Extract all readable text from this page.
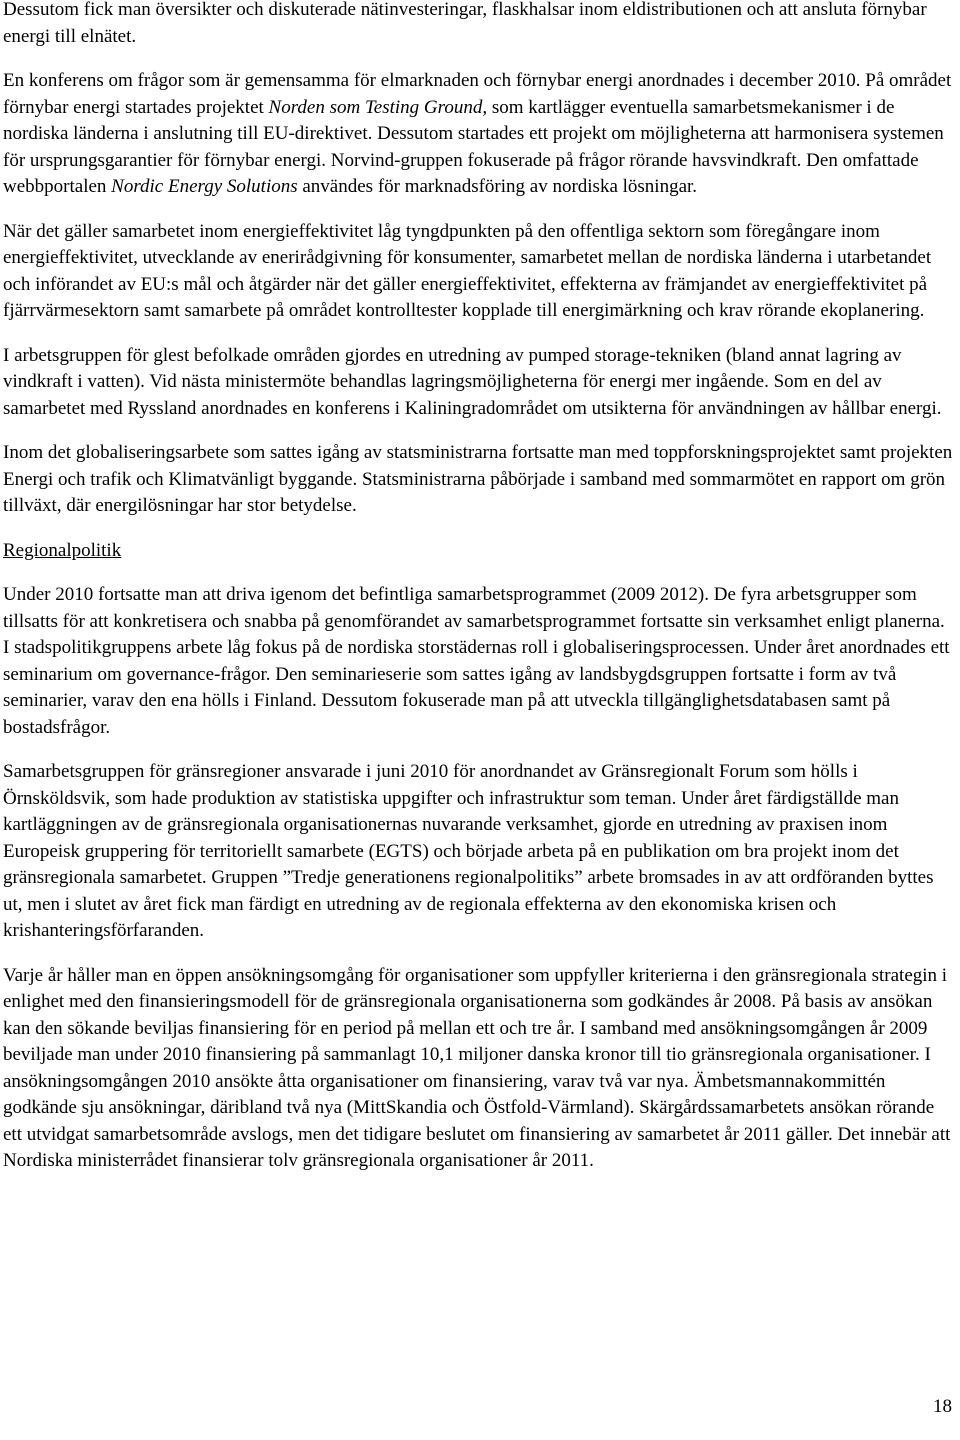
Dessutom fick man översikter och diskuterade nätinvesteringar, flaskhalsar inom eldistributionen och att ansluta förnybar energi till elnätet.

En konferens om frågor som är gemensamma för elmarknaden och förnybar energi anordnades i december 2010. På området förnybar energi startades projektet Norden som Testing Ground, som kartlägger eventuella samarbetsmekanismer i de nordiska länderna i anslutning till EU-direktivet. Dessutom startades ett projekt om möjligheterna att harmonisera systemen för ursprungsgarantier för förnybar energi. Norvind-gruppen fokuserade på frågor rörande havsvindkraft. Den omfattade webbportalen Nordic Energy Solutions användes för marknadsföring av nordiska lösningar.

När det gäller samarbetet inom energieffektivitet låg tyngdpunkten på den offentliga sektorn som föregångare inom energieffektivitet, utvecklande av enerirådgivning för konsumenter, samarbetet mellan de nordiska länderna i utarbetandet och införandet av EU:s mål och åtgärder när det gäller energieffektivitet, effekterna av främjandet av energieffektivitet på fjärrvärmesektorn samt samarbete på området kontrolltester kopplade till energimärkning och krav rörande ekoplanering.

I arbetsgruppen för glest befolkade områden gjordes en utredning av pumped storage-tekniken (bland annat lagring av vindkraft i vatten). Vid nästa ministermöte behandlas lagringsmöjligheterna för energi mer ingående. Som en del av samarbetet med Ryssland anordnades en konferens i Kaliningradområdet om utsikterna för användningen av hållbar energi.

Inom det globaliseringsarbete som sattes igång av statsministrarna fortsatte man med toppforskningsprojektet samt projekten Energi och trafik och Klimatvänligt byggande. Statsministrarna påbörjade i samband med sommarmötet en rapport om grön tillväxt, där energilösningar har stor betydelse.

Regionalpolitik

Under 2010 fortsatte man att driva igenom det befintliga samarbetsprogrammet (2009 2012). De fyra arbetsgrupper som tillsatts för att konkretisera och snabba på genomförandet av samarbetsprogrammet fortsatte sin verksamhet enligt planerna. I stadspolitikgruppens arbete låg fokus på de nordiska storstädernas roll i globaliseringsprocessen. Under året anordnades ett seminarium om governance-frågor. Den seminarieserie som sattes igång av landsbygdsgruppen fortsatte i form av två seminarier, varav den ena hölls i Finland. Dessutom fokuserade man på att utveckla tillgänglighetsdatabasen samt på bostadsfrågor.

Samarbetsgruppen för gränsregioner ansvarade i juni 2010 för anordnandet av Gränsregionalt Forum som hölls i Örnsköldsvik, som hade produktion av statistiska uppgifter och infrastruktur som teman. Under året färdigställde man kartläggningen av de gränsregionala organisationernas nuvarande verksamhet, gjorde en utredning av praxisen inom Europeisk gruppering för territoriellt samarbete (EGTS) och började arbeta på en publikation om bra projekt inom det gränsregionala samarbetet. Gruppen ”Tredje generationens regionalpolitiks” arbete bromsades in av att ordföranden byttes ut, men i slutet av året fick man färdigt en utredning av de regionala effekterna av den ekonomiska krisen och krishanteringsförfaranden.

Varje år håller man en öppen ansökningsomgång för organisationer som uppfyller kriterierna i den gränsregionala strategin i enlighet med den finansieringsmodell för de gränsregionala organisationerna som godkändes år 2008. På basis av ansökan kan den sökande beviljas finansiering för en period på mellan ett och tre år. I samband med ansökningsomgången år 2009 beviljade man under 2010 finansiering på sammanlagt 10,1 miljoner danska kronor till tio gränsregionala organisationer. I ansökningsomgången 2010 ansökte åtta organisationer om finansiering, varav två var nya. Ämbetsmannakommittén godkände sju ansökningar, däribland två nya (MittSkandia och Östfold-Värmland). Skärgårdssamarbetets ansökan rörande ett utvidgat samarbetsområde avslogs, men det tidigare beslutet om finansiering av samarbetet år 2011 gäller. Det innebär att Nordiska ministerrådet finansierar tolv gränsregionala organisationer år 2011.

18
